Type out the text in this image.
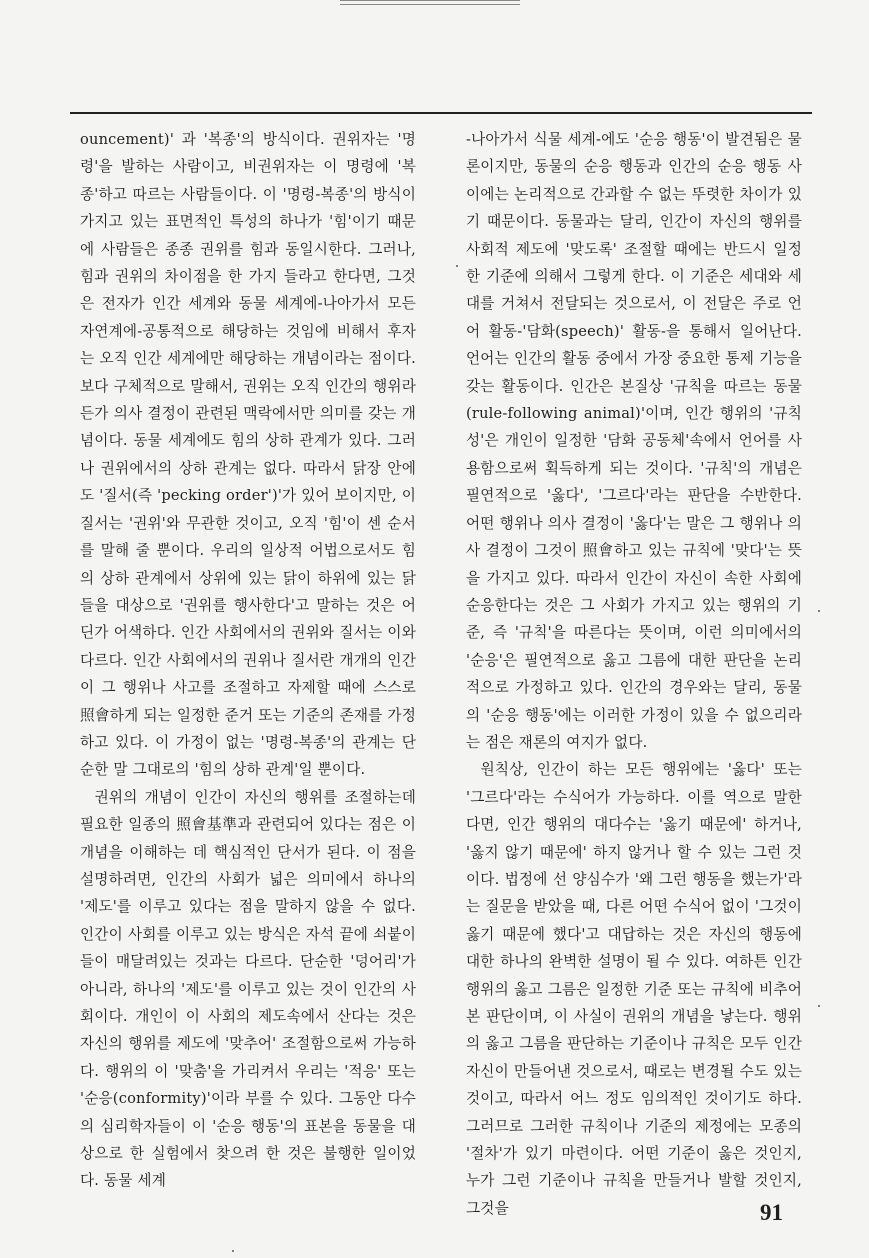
ouncement)' 과 '복종'의 방식이다. 권위자는 '명령'을 발하는 사람이고, 비권위자는 이 명령에 '복종'하고 따르는 사람들이다. 이 '명령-복종'의 방식이 가지고 있는 표면적인 특성의 하나가 '힘'이기 때문에 사람들은 종종 권위를 힘과 동일시한다. 그러나, 힘과 권위의 차이점을 한 가지 들라고 한다면, 그것은 전자가 인간 세계와 동물 세계에-나아가서 모든 자연계에-공통적으로 해당하는 것임에 비해서 후자는 오직 인간 세계에만 해당하는 개념이라는 점이다. 보다 구체적으로 말해서, 권위는 오직 인간의 행위라든가 의사 결정이 관련된 맥락에서만 의미를 갖는 개념이다. 동물 세계에도 힘의 상하 관계가 있다. 그러나 권위에서의 상하 관계는 없다. 따라서 닭장 안에도 '질서(즉 'pecking order')'가 있어 보이지만, 이 질서는 '권위'와 무관한 것이고, 오직 '힘'이 센 순서를 말해 줄 뿐이다. 우리의 일상적 어법으로서도 힘의 상하 관계에서 상위에 있는 닭이 하위에 있는 닭들을 대상으로 '권위를 행사한다'고 말하는 것은 어딘가 어색하다. 인간 사회에서의 권위와 질서는 이와 다르다. 인간 사회에서의 권위나 질서란 개개의 인간이 그 행위나 사고를 조절하고 자제할 때에 스스로 照會하게 되는 일정한 준거 또는 기준의 존재를 가정하고 있다. 이 가정이 없는 '명령-복종'의 관계는 단순한 말 그대로의 '힘의 상하 관계'일 뿐이다.

권위의 개념이 인간이 자신의 행위를 조절하는데 필요한 일종의 照會基準과 관련되어 있다는 점은 이 개념을 이해하는 데 핵심적인 단서가 된다. 이 점을 설명하려면, 인간의 사회가 넓은 의미에서 하나의 '제도'를 이루고 있다는 점을 말하지 않을 수 없다. 인간이 사회를 이루고 있는 방식은 자석 끝에 쇠붙이들이 매달려있는 것과는 다르다. 단순한 '덩어리'가 아니라, 하나의 '제도'를 이루고 있는 것이 인간의 사회이다. 개인이 이 사회의 제도속에서 산다는 것은 자신의 행위를 제도에 '맞추어' 조절함으로써 가능하다. 행위의 이 '맞춤'을 가리켜서 우리는 '적응' 또는 '순응(conformity)'이라 부를 수 있다. 그동안 다수의 심리학자들이 이 '순응 행동'의 표본을 동물을 대상으로 한 실험에서 찾으려 한 것은 불행한 일이었다. 동물 세계

-나아가서 식물 세계-에도 '순응 행동'이 발견됨은 물론이지만, 동물의 순응 행동과 인간의 순응 행동 사이에는 논리적으로 간과할 수 없는 뚜렷한 차이가 있기 때문이다. 동물과는 달리, 인간이 자신의 행위를 사회적 제도에 '맞도록' 조절할 때에는 반드시 일정한 기준에 의해서 그렇게 한다. 이 기준은 세대와 세대를 거쳐서 전달되는 것으로서, 이 전달은 주로 언어 활동-'담화(speech)' 활동-을 통해서 일어난다. 언어는 인간의 활동 중에서 가장 중요한 통제 기능을 갖는 활동이다. 인간은 본질상 '규칙을 따르는 동물(rule-following animal)'이며, 인간 행위의 '규칙성'은 개인이 일정한 '담화 공동체'속에서 언어를 사용함으로써 획득하게 되는 것이다. '규칙'의 개념은 필연적으로 '옳다', '그르다'라는 판단을 수반한다. 어떤 행위나 의사 결정이 '옳다'는 말은 그 행위나 의사 결정이 그것이 照會하고 있는 규칙에 '맞다'는 뜻을 가지고 있다. 따라서 인간이 자신이 속한 사회에 순응한다는 것은 그 사회가 가지고 있는 행위의 기준, 즉 '규칙'을 따른다는 뜻이며, 이런 의미에서의 '순응'은 필연적으로 옳고 그름에 대한 판단을 논리적으로 가정하고 있다. 인간의 경우와는 달리, 동물의 '순응 행동'에는 이러한 가정이 있을 수 없으리라는 점은 재론의 여지가 없다.

원칙상, 인간이 하는 모든 행위에는 '옳다' 또는 '그르다'라는 수식어가 가능하다. 이를 역으로 말한다면, 인간 행위의 대다수는 '옳기 때문에' 하거나, '옳지 않기 때문에' 하지 않거나 할 수 있는 그런 것이다. 법정에 선 양심수가 '왜 그런 행동을 했는가'라는 질문을 받았을 때, 다른 어떤 수식어 없이 '그것이 옳기 때문에 했다'고 대답하는 것은 자신의 행동에 대한 하나의 완벽한 설명이 될 수 있다. 여하튼 인간 행위의 옳고 그름은 일정한 기준 또는 규칙에 비추어 본 판단이며, 이 사실이 권위의 개념을 낳는다. 행위의 옳고 그름을 판단하는 기준이나 규칙은 모두 인간 자신이 만들어낸 것으로서, 때로는 변경될 수도 있는 것이고, 따라서 어느 정도 임의적인 것이기도 하다. 그러므로 그러한 규칙이나 기준의 제정에는 모종의 '절차'가 있기 마련이다. 어떤 기준이 옳은 것인지, 누가 그런 기준이나 규칙을 만들거나 발할 것인지, 그것을	91
